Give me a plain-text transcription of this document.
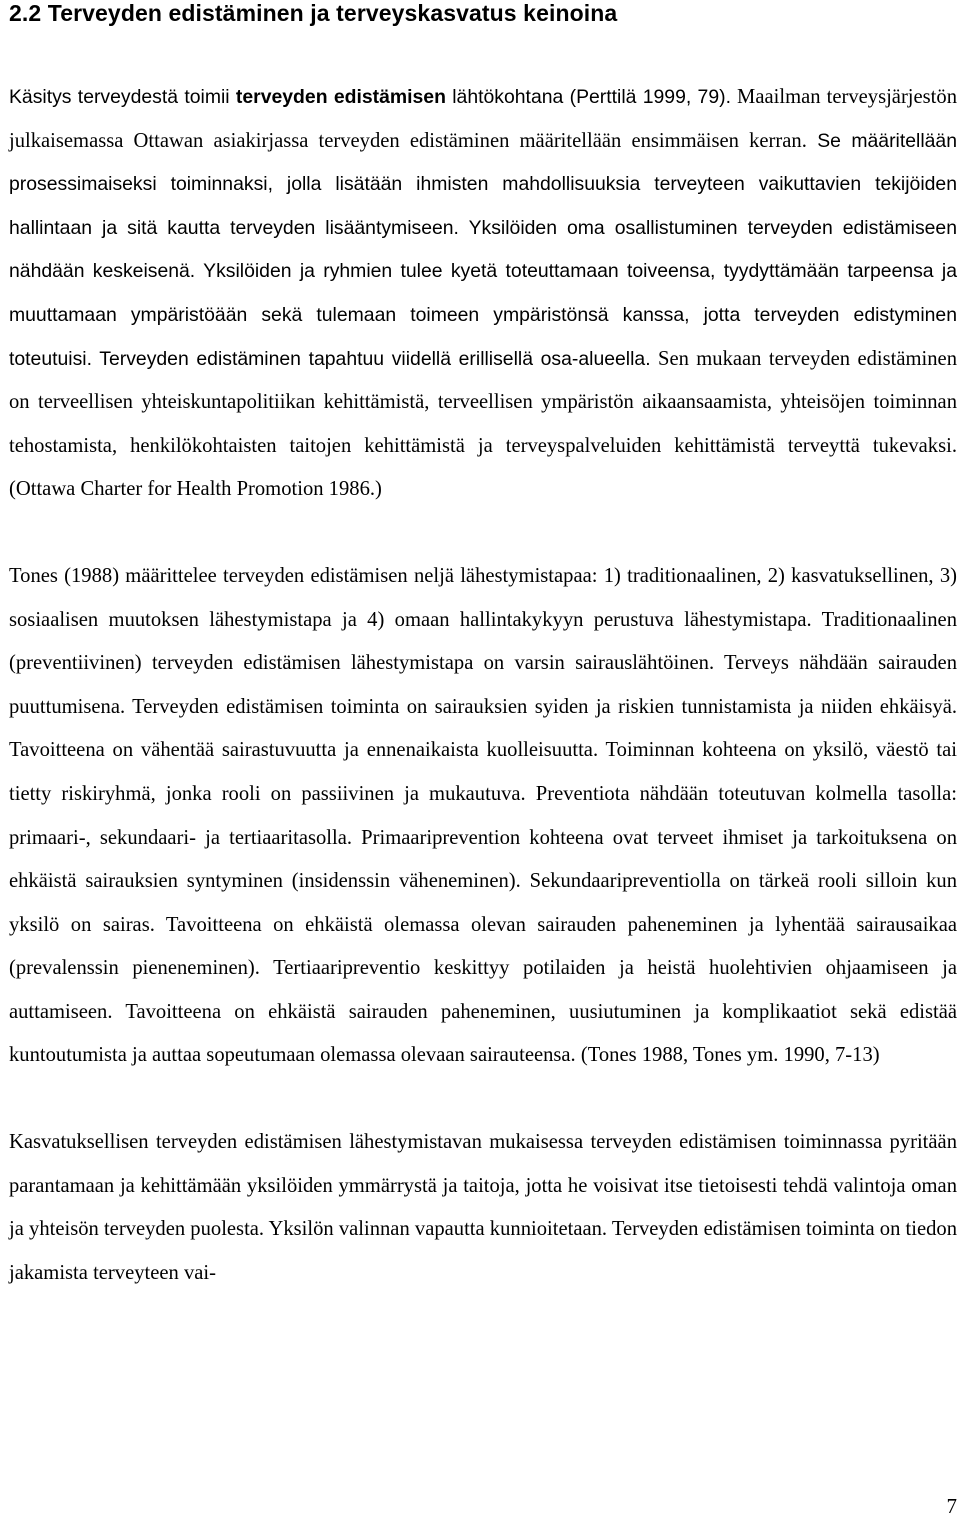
2.2 Terveyden edistäminen ja terveyskasvatus keinoina

Käsitys terveydestä toimii terveyden edistämisen lähtökohtana (Perttilä 1999, 79). Maailman terveysjärjestön julkaisemassa Ottawan asiakirjassa terveyden edistäminen määritellään ensimmäisen kerran. Se määritellään prosessimaiseksi toiminnaksi, jolla lisätään ihmisten mahdollisuuksia terveyteen vaikuttavien tekijöiden hallintaan ja sitä kautta terveyden lisääntymiseen. Yksilöiden oma osallistuminen terveyden edistämiseen nähdään keskeisenä. Yksilöiden ja ryhmien tulee kyetä toteuttamaan toiveensa, tyydyttämään tarpeensa ja muuttamaan ympäristöään sekä tulemaan toimeen ympäristönsä kanssa, jotta terveyden edistyminen toteutuisi. Terveyden edistäminen tapahtuu viidellä erillisellä osa-alueella. Sen mukaan terveyden edistäminen on terveellisen yhteiskuntapolitiikan kehittämistä, terveellisen ympäristön aikaansaamista, yhteisöjen toiminnan tehostamista, henkilökohtaisten taitojen kehittämistä ja terveyspalveluiden kehittämistä terveyttä tukevaksi. (Ottawa Charter for Health Promotion 1986.)

Tones (1988) määrittelee terveyden edistämisen neljä lähestymistapaa: 1) traditionaalinen, 2) kasvatuksellinen, 3) sosiaalisen muutoksen lähestymistapa ja 4) omaan hallintakykyyn perustuva lähestymistapa. Traditionaalinen (preventiivinen) terveyden edistämisen lähestymistapa on varsin sairauslähtöinen. Terveys nähdään sairauden puuttumisena. Terveyden edistämisen toiminta on sairauksien syiden ja riskien tunnistamista ja niiden ehkäisyä. Tavoitteena on vähentää sairastuvuutta ja ennenaikaista kuolleisuutta. Toiminnan kohteena on yksilö, väestö tai tietty riskiryhmä, jonka rooli on passiivinen ja mukautuva. Preventiota nähdään toteutuvan kolmella tasolla: primaari-, sekundaari- ja tertiaaritasolla. Primaariprevention kohteena ovat terveet ihmiset ja tarkoituksena on ehkäistä sairauksien syntyminen (insidenssin väheneminen). Sekundaaripreventiolla on tärkeä rooli silloin kun yksilö on sairas. Tavoitteena on ehkäistä olemassa olevan sairauden paheneminen ja lyhentää sairausaikaa (prevalenssin pieneneminen). Tertiaaripreventio keskittyy potilaiden ja heistä huolehtivien ohjaamiseen ja auttamiseen. Tavoitteena on ehkäistä sairauden paheneminen, uusiutuminen ja komplikaatiot sekä edistää kuntoutumista ja auttaa sopeutumaan olemassa olevaan sairauteensa. (Tones 1988, Tones ym. 1990, 7-13)

Kasvatuksellisen terveyden edistämisen lähestymistavan mukaisessa terveyden edistämisen toiminnassa pyritään parantamaan ja kehittämään yksilöiden ymmärrystä ja taitoja, jotta he voisivat itse tietoisesti tehdä valintoja oman ja yhteisön terveyden puolesta. Yksilön valinnan vapautta kunnioitetaan. Terveyden edistämisen toiminta on tiedon jakamista terveyteen vai-

7
